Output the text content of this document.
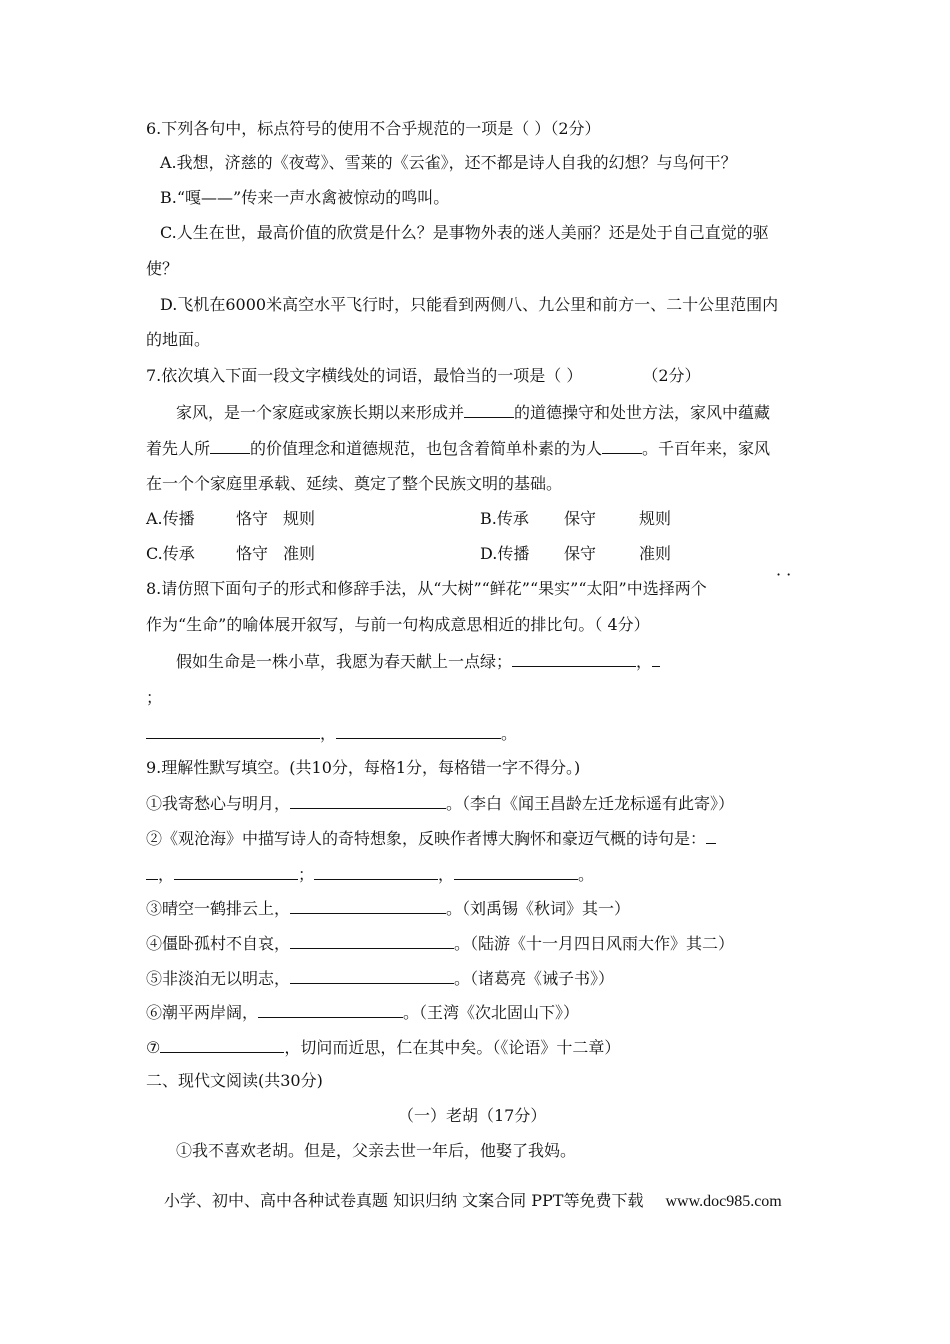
6.下列各句中，标点符号的使用不合乎规范的一项是（ ）（2分）
A.我想，济慈的《夜莺》、雪莱的《云雀》，还不都是诗人自我的幻想？与鸟何干？
B.“嘎——”传来一声水禽被惊动的鸣叫。
C.人生在世，最高价值的欣赏是什么？是事物外表的迷人美丽？还是处于自己直觉的驱
使？
D.飞机在6000米高空水平飞行时，只能看到两侧八、九公里和前方一、二十公里范围内
的地面。
7.依次填入下面一段文字横线处的词语，最恰当的一项是（ ）	（2分）
家风，是一个家庭或家族长期以来形成并	的道德操守和处世方法，家风中蕴藏
着先人所	的价值理念和道德规范，也包含着简单朴素的为人	。千百年来，家风
在一个个家庭里承载、延续、奠定了整个民族文明的基础。
A.传播	恪守 规则	B.传承 保守	规则
C.传承	恪守 准则	D.传播 保守	准则
· ·
8.请仿照下面句子的形式和修辞手法，从“大树”“鲜花”“果实”“太阳”中选择两个
作为“生命”的喻体展开叙写，与前一句构成意思相近的排比句。（ 4分）
假如生命是一株小草，我愿为春天献上一点绿；	，
；
，	。
9.理解性默写填空。(共10分，每格1分，每格错一字不得分。)
①我寄愁心与明月，	。（李白《闻王昌龄左迁龙标遥有此寄》）
②《观沧海》中描写诗人的奇特想象，反映作者博大胸怀和豪迈气概的诗句是：
，	；	，	。
③晴空一鹤排云上，	。（刘禹锡《秋词》其一）
④僵卧孤村不自哀，	。（陆游《十一月四日风雨大作》其二）
⑤非淡泊无以明志，	。（诸葛亮《诫子书》）
⑥潮平两岸阔，	。（王湾《次北固山下》）
⑦	，切问而近思，仁在其中矣。（《论语》十二章）
二、现代文阅读(共30分)
（一）老胡（17分）
①我不喜欢老胡。但是，父亲去世一年后，他娶了我妈。
小学、初中、高中各种试卷真题 知识归纳 文案合同 PPT等免费下载 www.doc985.com
